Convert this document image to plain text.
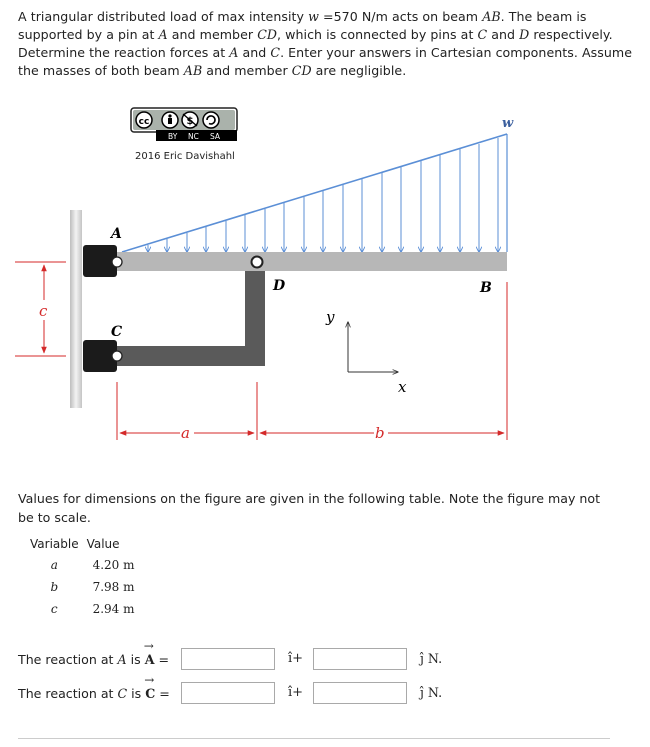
A triangular distributed load of max intensity w =570 N/m acts on beam AB. The beam is supported by a pin at A and member CD, which is connected by pins at C and D respectively. Determine the reaction forces at A and C. Enter your answers in Cartesian components. Assume the masses of both beam AB and member CD are negligible.
cc	$
BY NC SA
2016 Eric Davishahl
w
A
D	B
C
y
x
c
a	b
Values for dimensions on the figure are given in the following table. Note the figure may not be to scale.
Variable	Value
a	4.20 m
b	7.98 m
c	2.94 m
The reaction at A is → A =	î+	ĵ N.
The reaction at C is → C =	î+	ĵ N.
